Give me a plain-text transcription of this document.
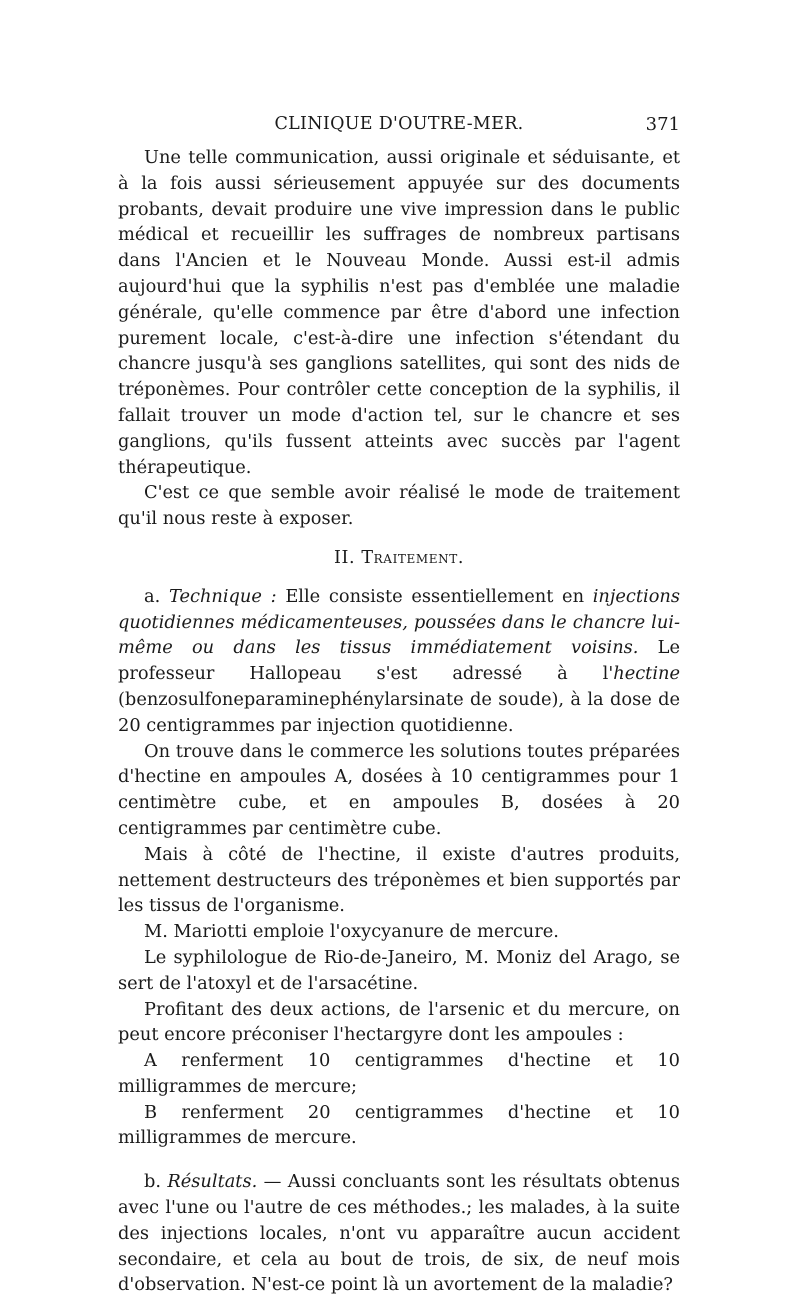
CLINIQUE D'OUTRE-MER.	371

Une telle communication, aussi originale et séduisante, et à la fois aussi sérieusement appuyée sur des documents probants, devait produire une vive impression dans le public médical et recueillir les suffrages de nombreux partisans dans l'Ancien et le Nouveau Monde. Aussi est-il admis aujourd'hui que la syphilis n'est pas d'emblée une maladie générale, qu'elle commence par être d'abord une infection purement locale, c'est-à-dire une infection s'étendant du chancre jusqu'à ses ganglions satellites, qui sont des nids de tréponèmes. Pour contrôler cette conception de la syphilis, il fallait trouver un mode d'action tel, sur le chancre et ses ganglions, qu'ils fussent atteints avec succès par l'agent thérapeutique.

C'est ce que semble avoir réalisé le mode de traitement qu'il nous reste à exposer.

II. Traitement.

a. Technique : Elle consiste essentiellement en injections quotidiennes médicamenteuses, poussées dans le chancre lui-même ou dans les tissus immédiatement voisins. Le professeur Hallopeau s'est adressé à l'hectine (benzosulfoneparaminephénylarsinate de soude), à la dose de 20 centigrammes par injection quotidienne.

On trouve dans le commerce les solutions toutes préparées d'hectine en ampoules A, dosées à 10 centigrammes pour 1 centimètre cube, et en ampoules B, dosées à 20 centigrammes par centimètre cube.

Mais à côté de l'hectine, il existe d'autres produits, nettement destructeurs des tréponèmes et bien supportés par les tissus de l'organisme.

M. Mariotti emploie l'oxycyanure de mercure.

Le syphilologue de Rio-de-Janeiro, M. Moniz del Arago, se sert de l'atoxyl et de l'arsacétine.

Profitant des deux actions, de l'arsenic et du mercure, on peut encore préconiser l'hectargyre dont les ampoules :

A renferment 10 centigrammes d'hectine et 10 milligrammes de mercure;

B renferment 20 centigrammes d'hectine et 10 milligrammes de mercure.

b. Résultats. — Aussi concluants sont les résultats obtenus avec l'une ou l'autre de ces méthodes.; les malades, à la suite des injections locales, n'ont vu apparaître aucun accident secondaire, et cela au bout de trois, de six, de neuf mois d'observation. N'est-ce point là un avortement de la maladie?
